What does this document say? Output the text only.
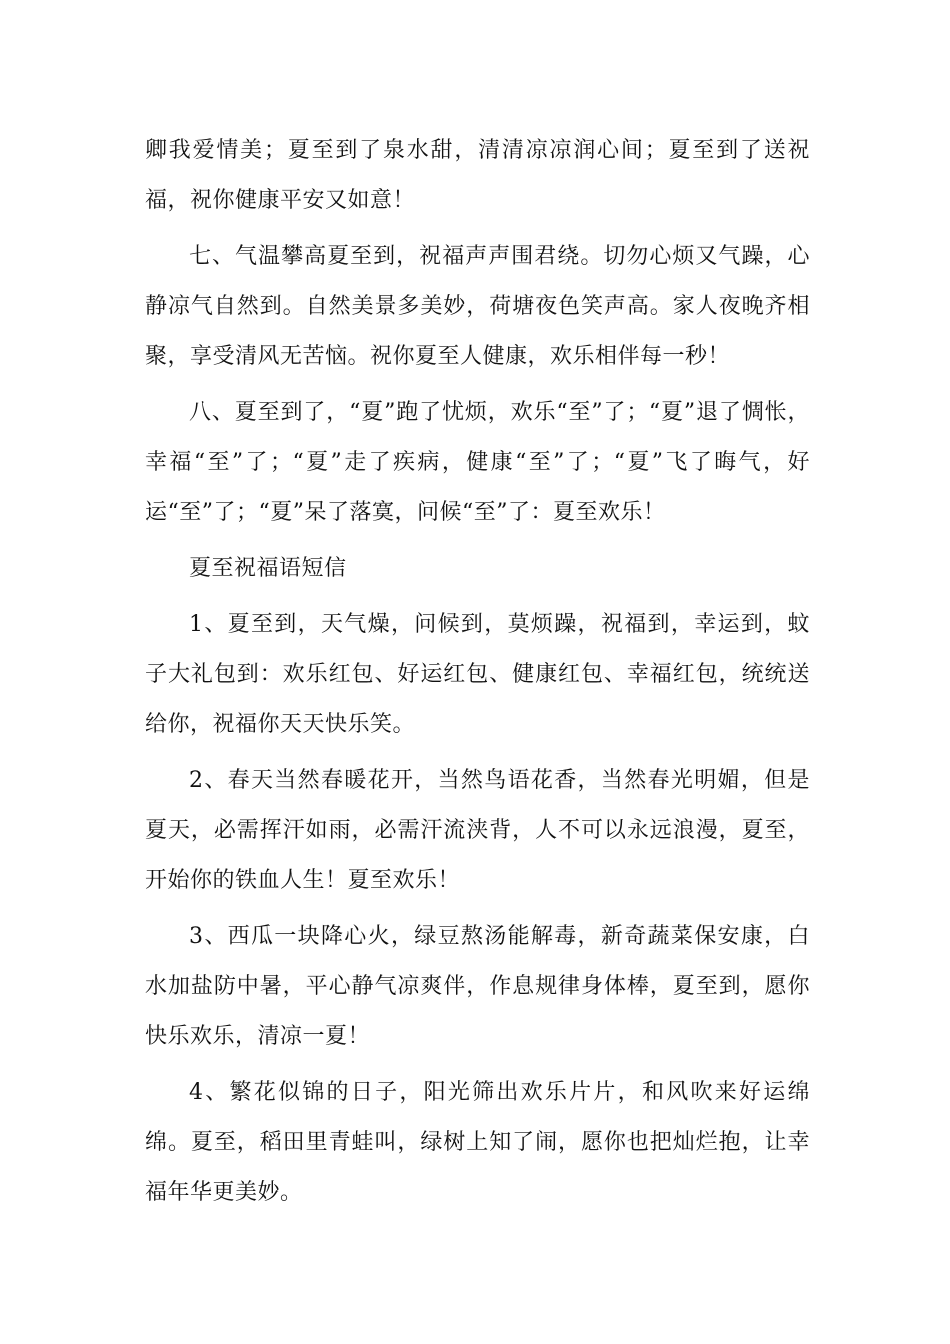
卿我爱情美；夏至到了泉水甜，清清凉凉润心间；夏至到了送祝福，祝你健康平安又如意！

七、气温攀高夏至到，祝福声声围君绕。切勿心烦又气躁，心静凉气自然到。自然美景多美妙，荷塘夜色笑声高。家人夜晚齐相聚，享受清风无苦恼。祝你夏至人健康，欢乐相伴每一秒！

八、夏至到了，“夏”跑了忧烦，欢乐“至”了；“夏”退了惆怅，幸福“至”了；“夏”走了疾病，健康“至”了；“夏”飞了晦气，好运“至”了；“夏”呆了落寞，问候“至”了：夏至欢乐！

夏至祝福语短信

1、夏至到，天气燥，问候到，莫烦躁，祝福到，幸运到，蚊子大礼包到：欢乐红包、好运红包、健康红包、幸福红包，统统送给你，祝福你天天快乐笑。

2、春天当然春暖花开，当然鸟语花香，当然春光明媚，但是夏天，必需挥汗如雨，必需汗流浃背，人不可以永远浪漫，夏至，开始你的铁血人生！夏至欢乐！

3、西瓜一块降心火，绿豆熬汤能解毒，新奇蔬菜保安康，白水加盐防中暑，平心静气凉爽伴，作息规律身体棒，夏至到，愿你快乐欢乐，清凉一夏！

4、繁花似锦的日子，阳光筛出欢乐片片，和风吹来好运绵绵。夏至，稻田里青蛙叫，绿树上知了闹，愿你也把灿烂抱，让幸福年华更美妙。
